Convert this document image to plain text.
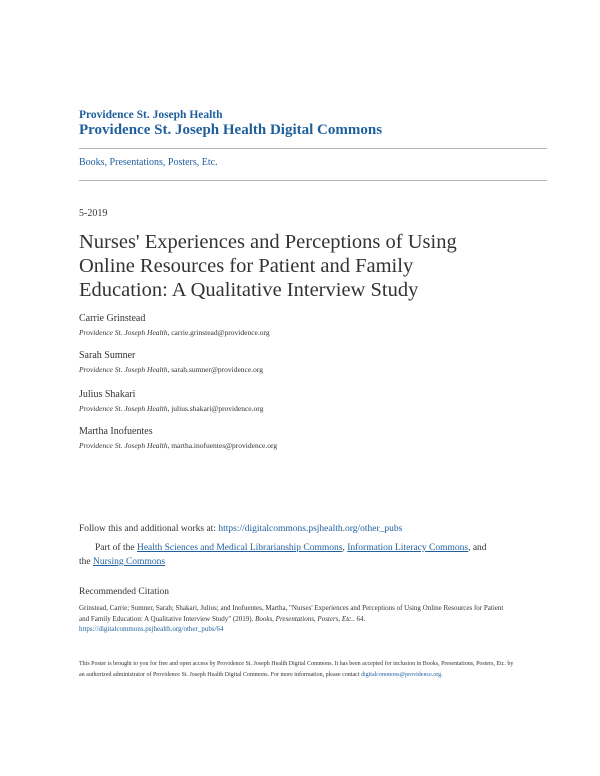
Providence St. Joseph Health
Providence St. Joseph Health Digital Commons
Books, Presentations, Posters, Etc.
5-2019
Nurses' Experiences and Perceptions of Using Online Resources for Patient and Family Education: A Qualitative Interview Study
Carrie Grinstead
Providence St. Joseph Health, carrie.grinstead@providence.org
Sarah Sumner
Providence St. Joseph Health, sarah.sumner@providence.org
Julius Shakari
Providence St. Joseph Health, julius.shakari@providence.org
Martha Inofuentes
Providence St. Joseph Health, martha.inofuentes@providence.org
Follow this and additional works at: https://digitalcommons.psjhealth.org/other_pubs
Part of the Health Sciences and Medical Librarianship Commons, Information Literacy Commons, and the Nursing Commons
Recommended Citation
Grinstead, Carrie; Sumner, Sarah; Shakari, Julius; and Inofuentes, Martha, "Nurses' Experiences and Perceptions of Using Online Resources for Patient and Family Education: A Qualitative Interview Study" (2019). Books, Presentations, Posters, Etc.. 64.
https://digitalcommons.psjhealth.org/other_pubs/64
This Poster is brought to you for free and open access by Providence St. Joseph Health Digital Commons. It has been accepted for inclusion in Books, Presentations, Posters, Etc. by an authorized administrator of Providence St. Joseph Health Digital Commons. For more information, please contact digitalcommons@providence.org.
